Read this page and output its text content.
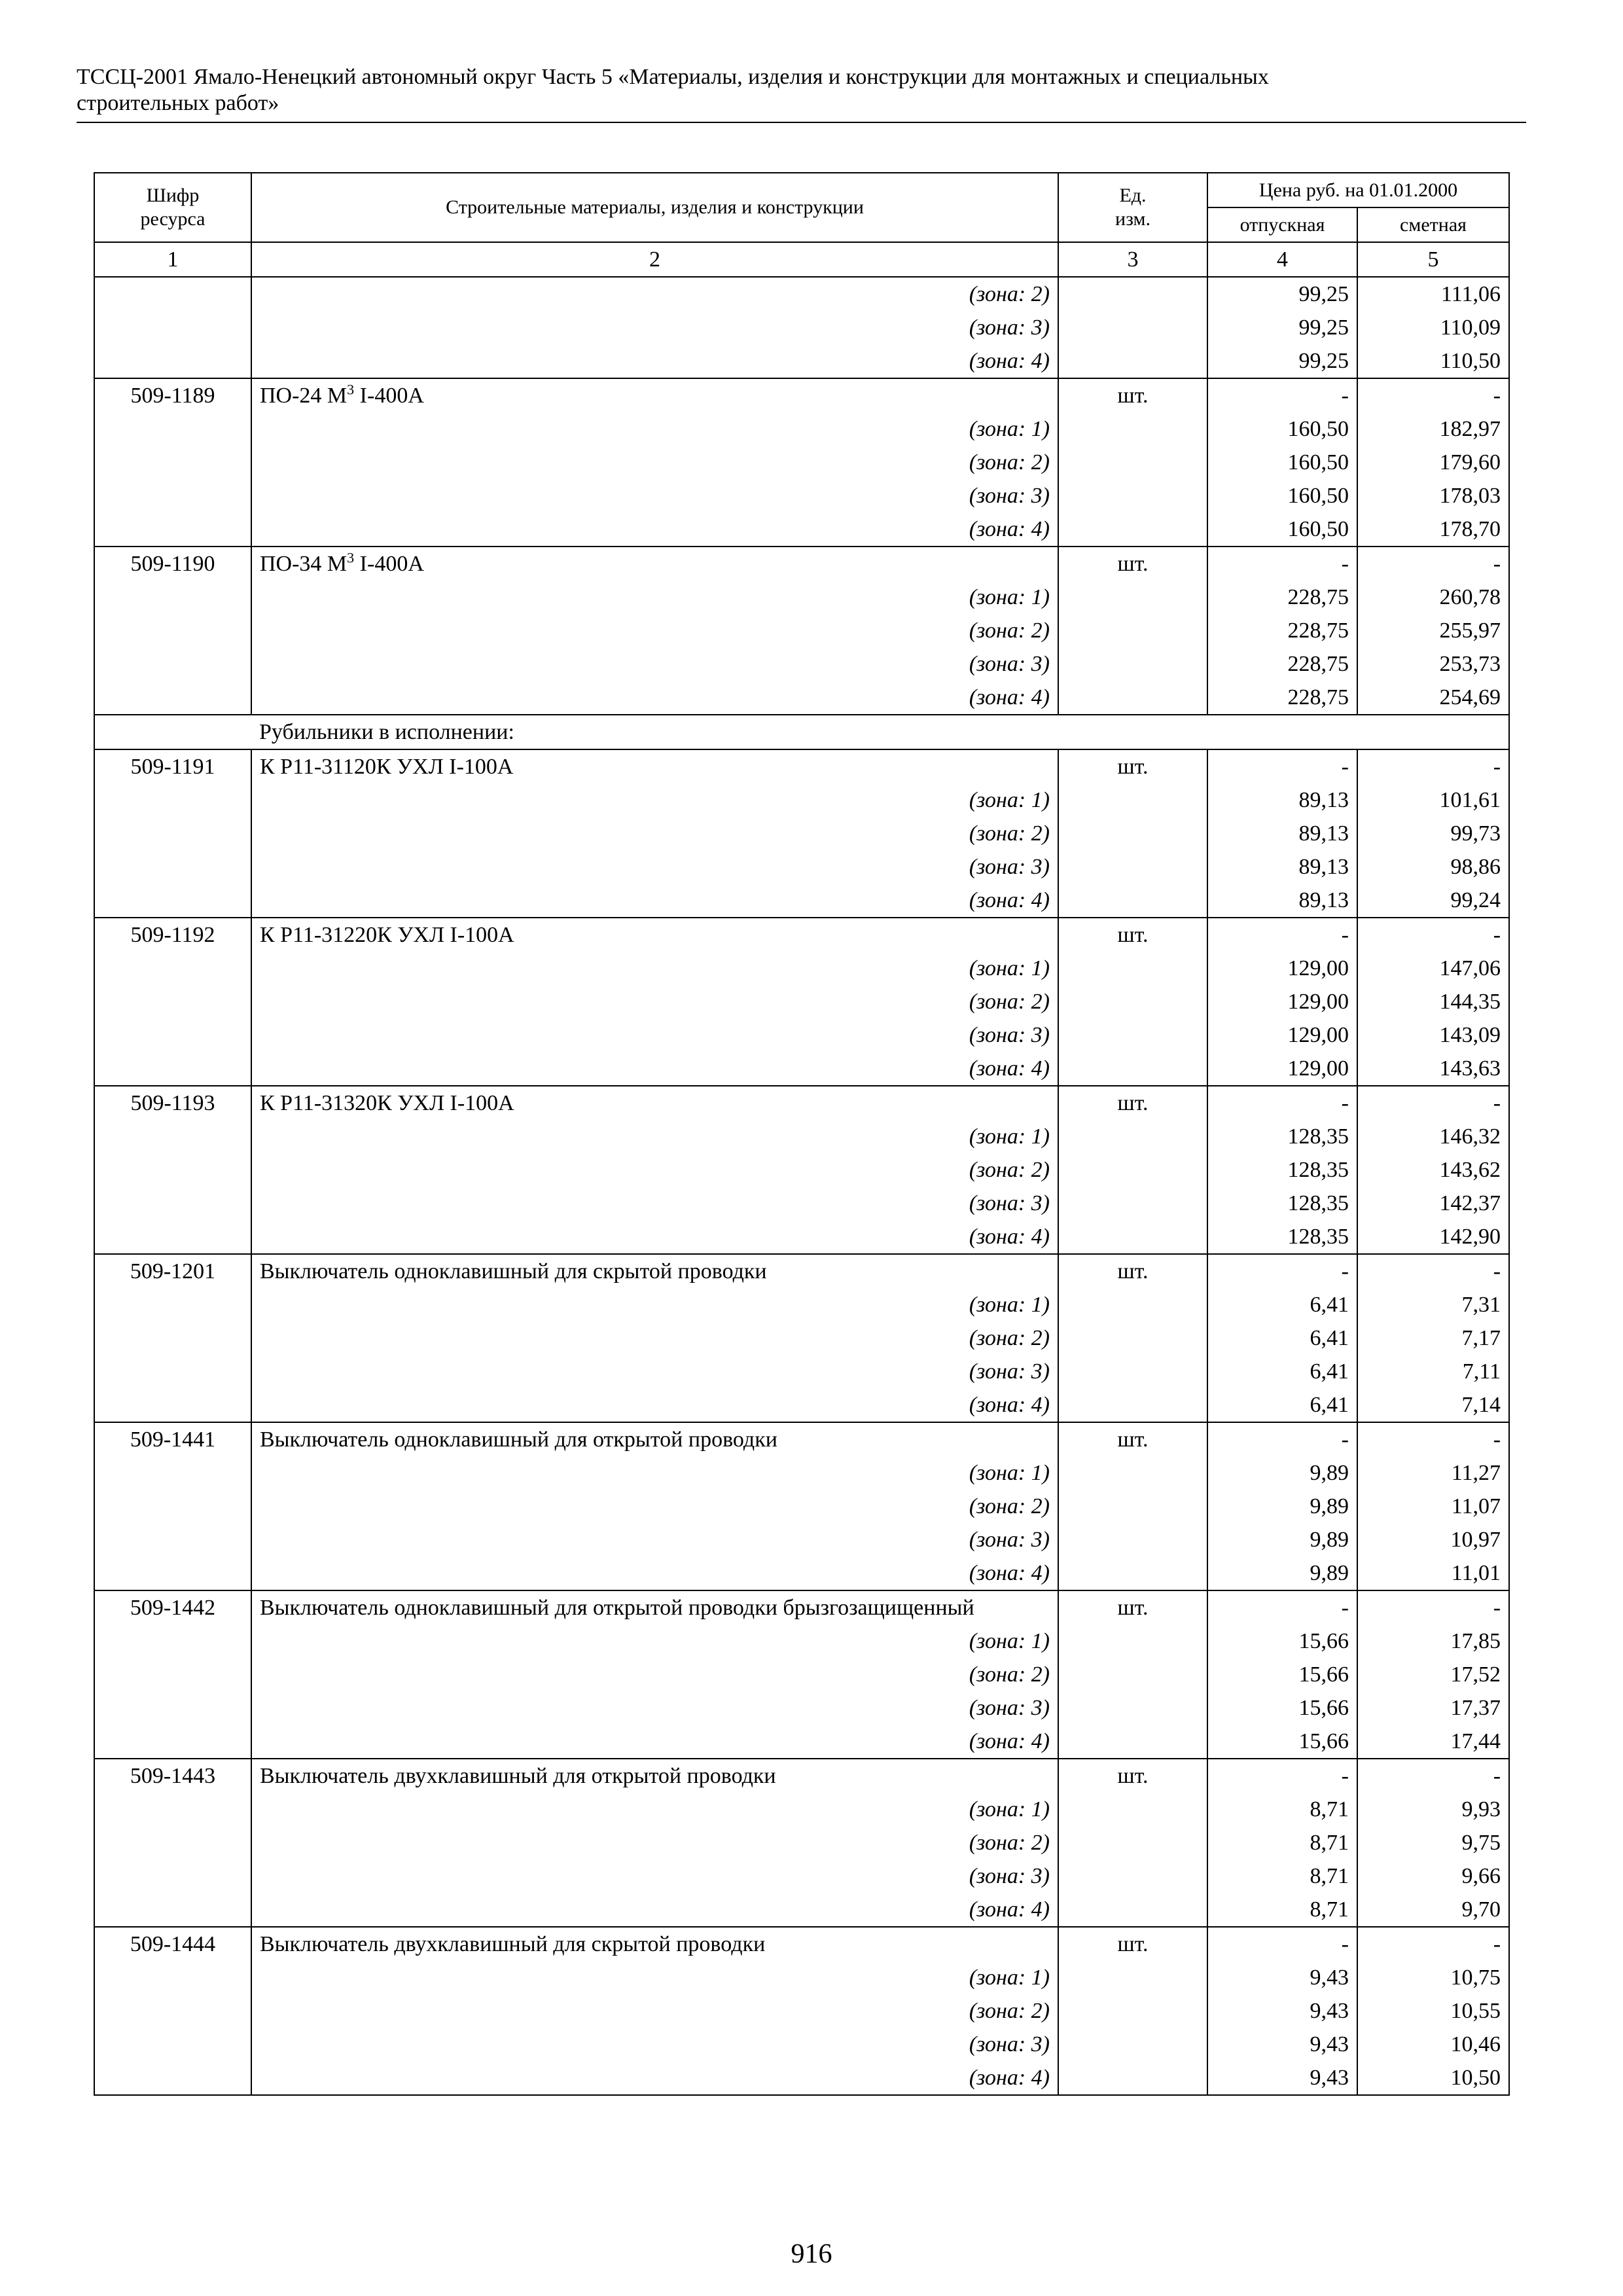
ТССЦ-2001 Ямало-Ненецкий автономный округ Часть 5 «Материалы, изделия и конструкции для монтажных и специальных
строительных работ»
Шифр ресурса	Строительные материалы, изделия и конструкции	Ед. изм.	Цена руб. на 01.01.2000	
			отпускная	сметная
1	2	3	4	5
	(зона: 2)		99,25	111,06
	(зона: 3)		99,25	110,09
	(зона: 4)		99,25	110,50
509-1189	ПО-24 $М^3$ I-400А	шт.	-	-
	(зона: 1)		160,50	182,97
	(зона: 2)		160,50	179,60
	(зона: 3)		160,50	178,03
	(зона: 4)		160,50	178,70
509-1190	ПО-34 $М^3$ I-400А	шт.	-	-
	(зона: 1)		228,75	260,78
	(зона: 2)		228,75	255,97
	(зона: 3)		228,75	253,73
	(зона: 4)		228,75	254,69
	Рубильники в исполнении:			
509-1191	К Р11-31120К УХЛ I-100А	шт.	-	-
	(зона: 1)		89,13	101,61
	(зона: 2)		89,13	99,73
	(зона: 3)		89,13	98,86
	(зона: 4)		89,13	99,24
509-1192	К Р11-31220К УХЛ I-100А	шт.	-	-
	(зона: 1)		129,00	147,06
	(зона: 2)		129,00	144,35
	(зона: 3)		129,00	143,09
	(зона: 4)		129,00	143,63
509-1193	К Р11-31320К УХЛ I-100А	шт.	-	-
	(зона: 1)		128,35	146,32
	(зона: 2)		128,35	143,62
	(зона: 3)		128,35	142,37
	(зона: 4)		128,35	142,90
509-1201	Выключатель одноклавишный для скрытой проводки	шт.	-	-
	(зона: 1)		6,41	7,31
	(зона: 2)		6,41	7,17
	(зона: 3)		6,41	7,11
	(зона: 4)		6,41	7,14
509-1441	Выключатель одноклавишный для открытой проводки	шт.	-	-
	(зона: 1)		9,89	11,27
	(зона: 2)		9,89	11,07
	(зона: 3)		9,89	10,97
	(зона: 4)		9,89	11,01
509-1442	Выключатель одноклавишный для открытой проводки брызгозащищенный	шт.	-	-
	(зона: 1)		15,66	17,85
	(зона: 2)		15,66	17,52
	(зона: 3)		15,66	17,37
	(зона: 4)		15,66	17,44
509-1443	Выключатель двухклавишный для открытой проводки	шт.	-	-
	(зона: 1)		8,71	9,93
	(зона: 2)		8,71	9,75
	(зона: 3)		8,71	9,66
	(зона: 4)		8,71	9,70
509-1444	Выключатель двухклавишный для скрытой проводки	шт.	-	-
	(зона: 1)		9,43	10,75
	(зона: 2)		9,43	10,55
	(зона: 3)		9,43	10,46
	(зона: 4)		9,43	10,50
916
